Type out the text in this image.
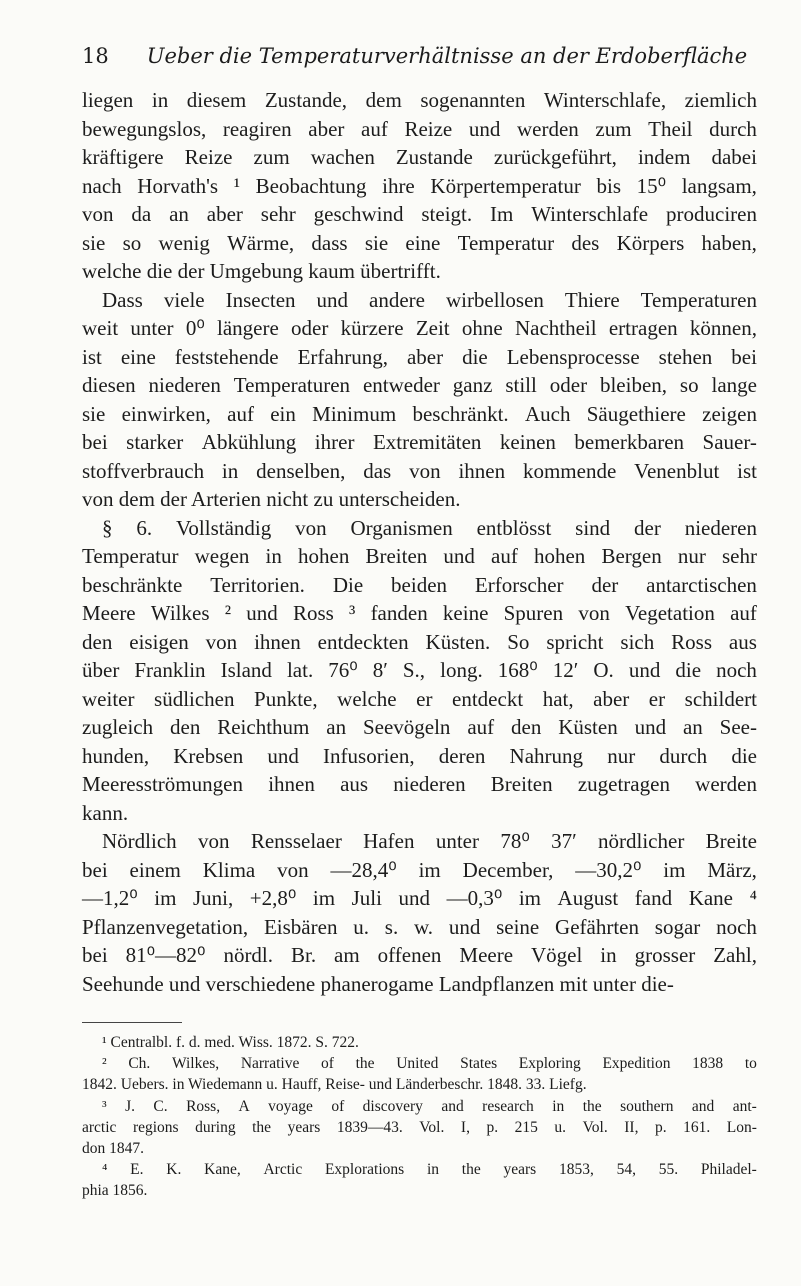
18	Ueber die Temperaturverhältnisse an der Erdoberfläche
liegen in diesem Zustande, dem sogenannten Winterschlafe, ziemlich
bewegungslos, reagiren aber auf Reize und werden zum Theil durch
kräftigere Reize zum wachen Zustande zurückgeführt, indem dabei
nach Horvath's ¹ Beobachtung ihre Körpertemperatur bis 15⁰ langsam,
von da an aber sehr geschwind steigt. Im Winterschlafe produciren
sie so wenig Wärme, dass sie eine Temperatur des Körpers haben,
welche die der Umgebung kaum übertrifft.
Dass viele Insecten und andere wirbellosen Thiere Temperaturen
weit unter 0⁰ längere oder kürzere Zeit ohne Nachtheil ertragen können,
ist eine feststehende Erfahrung, aber die Lebensprocesse stehen bei
diesen niederen Temperaturen entweder ganz still oder bleiben, so lange
sie einwirken, auf ein Minimum beschränkt. Auch Säugethiere zeigen
bei starker Abkühlung ihrer Extremitäten keinen bemerkbaren Sauer-
stoffverbrauch in denselben, das von ihnen kommende Venenblut ist
von dem der Arterien nicht zu unterscheiden.
§ 6. Vollständig von Organismen entblösst sind der niederen
Temperatur wegen in hohen Breiten und auf hohen Bergen nur sehr
beschränkte Territorien. Die beiden Erforscher der antarctischen
Meere Wilkes ² und Ross ³ fanden keine Spuren von Vegetation auf
den eisigen von ihnen entdeckten Küsten. So spricht sich Ross aus
über Franklin Island lat. 76⁰ 8′ S., long. 168⁰ 12′ O. und die noch
weiter südlichen Punkte, welche er entdeckt hat, aber er schildert
zugleich den Reichthum an Seevögeln auf den Küsten und an See-
hunden, Krebsen und Infusorien, deren Nahrung nur durch die
Meeresströmungen ihnen aus niederen Breiten zugetragen werden
kann.
Nördlich von Rensselaer Hafen unter 78⁰ 37′ nördlicher Breite
bei einem Klima von —28,4⁰ im December, —30,2⁰ im März,
—1,2⁰ im Juni, +2,8⁰ im Juli und —0,3⁰ im August fand Kane ⁴
Pflanzenvegetation, Eisbären u. s. w. und seine Gefährten sogar noch
bei 81⁰—82⁰ nördl. Br. am offenen Meere Vögel in grosser Zahl,
Seehunde und verschiedene phanerogame Landpflanzen mit unter die-
¹ Centralbl. f. d. med. Wiss. 1872. S. 722.
² Ch. Wilkes, Narrative of the United States Exploring Expedition 1838 to
1842. Uebers. in Wiedemann u. Hauff, Reise- und Länderbeschr. 1848. 33. Liefg.
³ J. C. Ross, A voyage of discovery and research in the southern and ant-
arctic regions during the years 1839—43. Vol. I, p. 215 u. Vol. II, p. 161. Lon-
don 1847.
⁴ E. K. Kane, Arctic Explorations in the years 1853, 54, 55. Philadel-
phia 1856.
